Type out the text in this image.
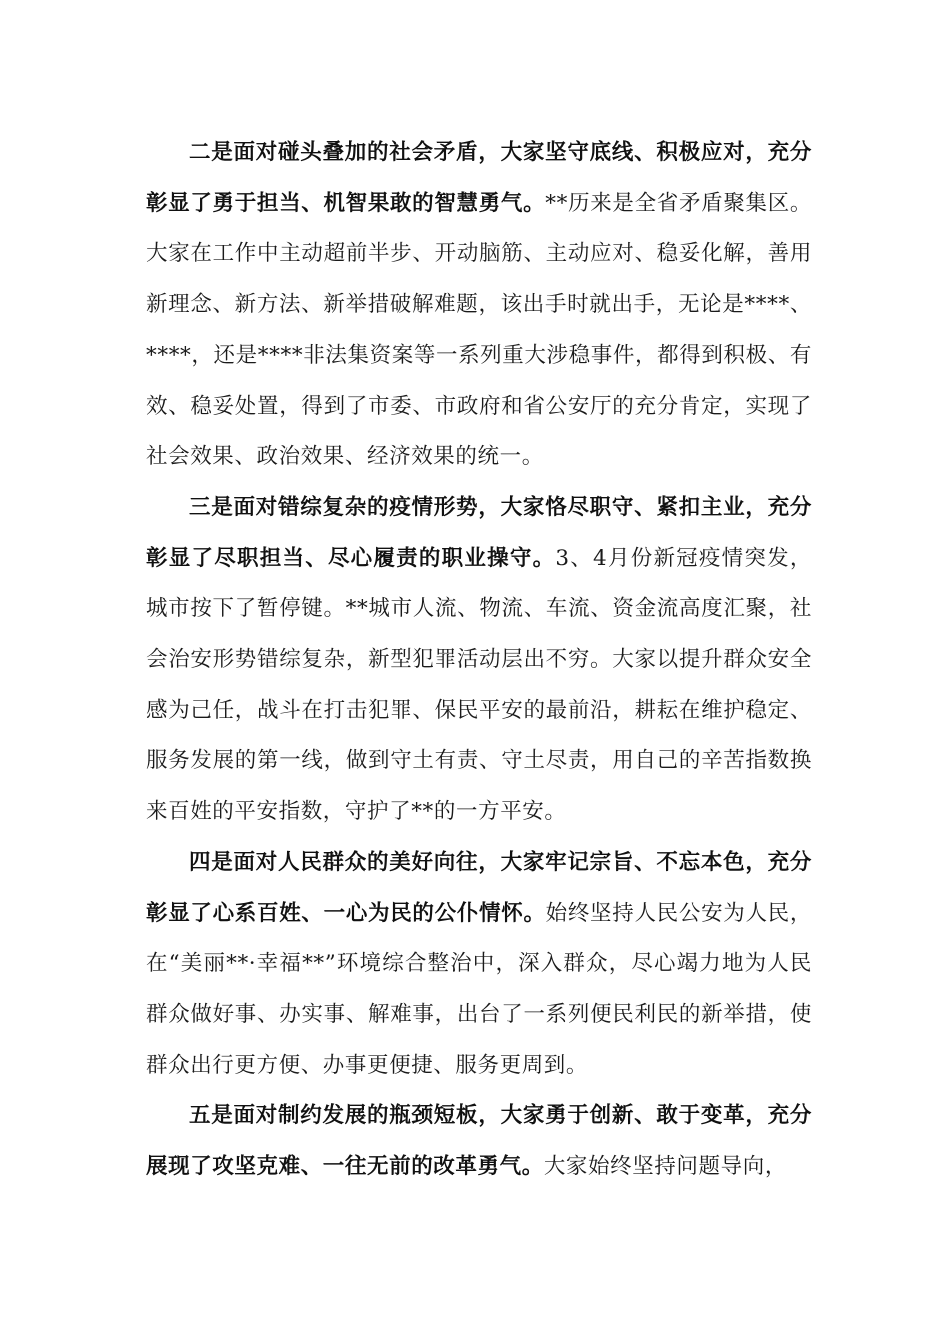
二是面对碰头叠加的社会矛盾，大家坚守底线、积极应对，充分彰显了勇于担当、机智果敢的智慧勇气。**历来是全省矛盾聚集区。大家在工作中主动超前半步、开动脑筋、主动应对、稳妥化解，善用新理念、新方法、新举措破解难题，该出手时就出手，无论是****、****，还是****非法集资案等一系列重大涉稳事件，都得到积极、有效、稳妥处置，得到了市委、市政府和省公安厅的充分肯定，实现了社会效果、政治效果、经济效果的统一。

三是面对错综复杂的疫情形势，大家恪尽职守、紧扣主业，充分彰显了尽职担当、尽心履责的职业操守。3、4月份新冠疫情突发，城市按下了暂停键。**城市人流、物流、车流、资金流高度汇聚，社会治安形势错综复杂，新型犯罪活动层出不穷。大家以提升群众安全感为己任，战斗在打击犯罪、保民平安的最前沿，耕耘在维护稳定、服务发展的第一线，做到守土有责、守土尽责，用自己的辛苦指数换来百姓的平安指数，守护了**的一方平安。

四是面对人民群众的美好向往，大家牢记宗旨、不忘本色，充分彰显了心系百姓、一心为民的公仆情怀。始终坚持人民公安为人民，在“美丽**·幸福**”环境综合整治中，深入群众，尽心竭力地为人民群众做好事、办实事、解难事，出台了一系列便民利民的新举措，使群众出行更方便、办事更便捷、服务更周到。

五是面对制约发展的瓶颈短板，大家勇于创新、敢于变革，充分展现了攻坚克难、一往无前的改革勇气。大家始终坚持问题导向，
